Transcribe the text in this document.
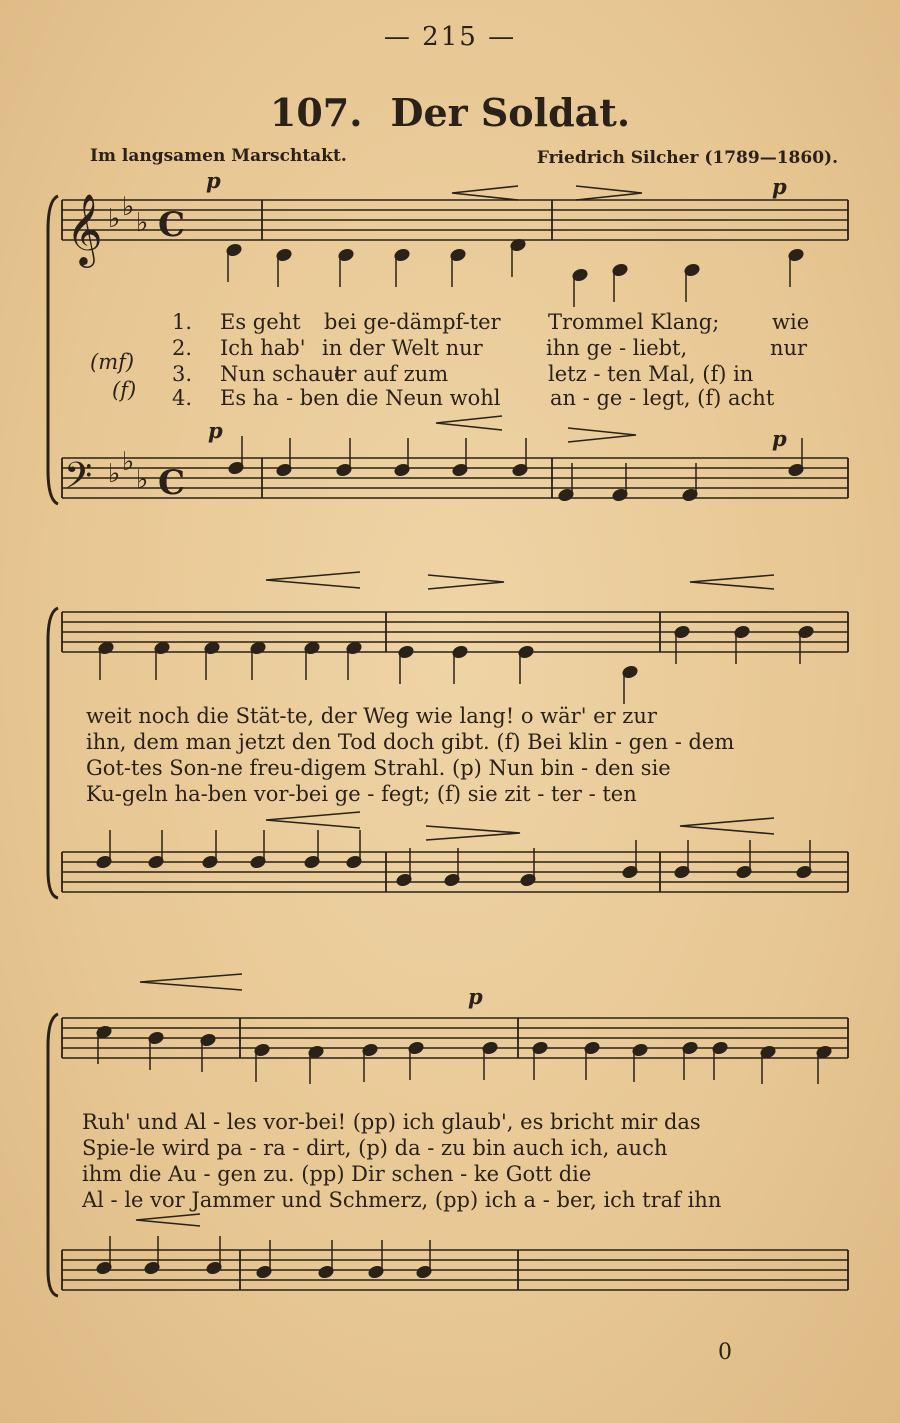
— 215 —
107. Der Soldat.
Im langsamen Marschtakt.	Friedrich Silcher (1789—1860).
𝄞 ♭ ♭
♭ C
𝄢 ♭ ♭
♭ C
p	p
p	p
p
(mf)
(f)
1. Es geht bei ge-dämpf-ter Trommel Klang;	wie
2. Ich hab' in der Welt nur	ihn ge - liebt,	nur
3. Nun schaut
er auf zum	letz - ten Mal, (f) in
4. Es ha - ben die Neun wohl an - ge - legt, (f) acht
weit noch die Stät-te, der Weg wie lang! o wär' er zur
ihn, dem man jetzt den Tod doch gibt. (f) Bei klin - gen - dem
Got-tes Son-ne freu-digem Strahl. (p) Nun bin - den sie
Ku-geln ha-ben vor-bei ge - fegt; (f) sie zit - ter - ten
Ruh' und Al - les vor-bei! (pp) ich glaub', es bricht mir das
Spie-le wird pa - ra - dirt, (p) da - zu bin auch ich, auch
ihm die Au - gen zu. (pp) Dir schen - ke Gott die
Al - le vor Jammer und Schmerz, (pp) ich a - ber, ich traf ihn
0
